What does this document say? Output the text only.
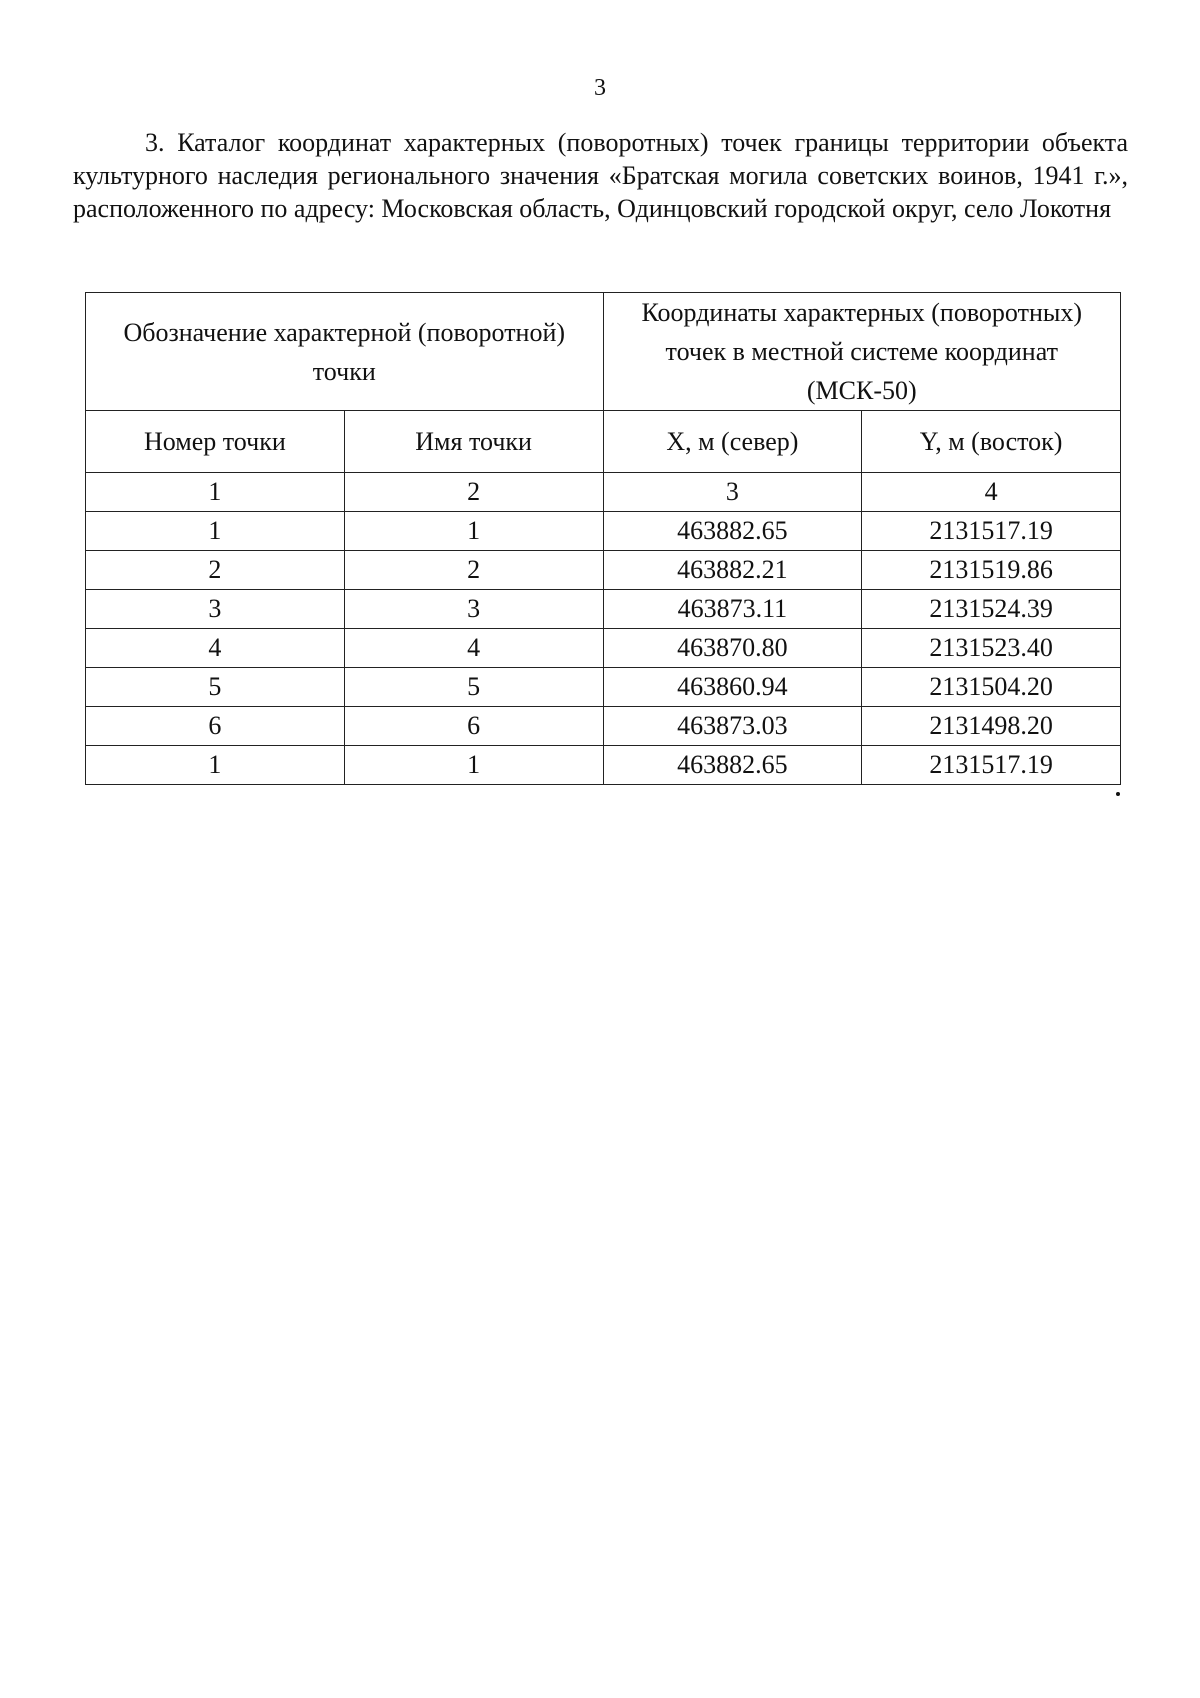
3

3. Каталог координат характерных (поворотных) точек границы территории объекта культурного наследия регионального значения «Братская могила советских воинов, 1941 г.», расположенного по адресу: Московская область, Одинцовский городской округ, село Локотня

Обозначение характерной (поворотной) точки		Координаты характерных (поворотных) точек в местной системе координат (МСК-50)	
Номер точки	Имя точки	X, м (север)	Y, м (восток)
1	2	3	4
1	1	463882.65	2131517.19
2	2	463882.21	2131519.86
3	3	463873.11	2131524.39
4	4	463870.80	2131523.40
5	5	463860.94	2131504.20
6	6	463873.03	2131498.20
1	1	463882.65	2131517.19
